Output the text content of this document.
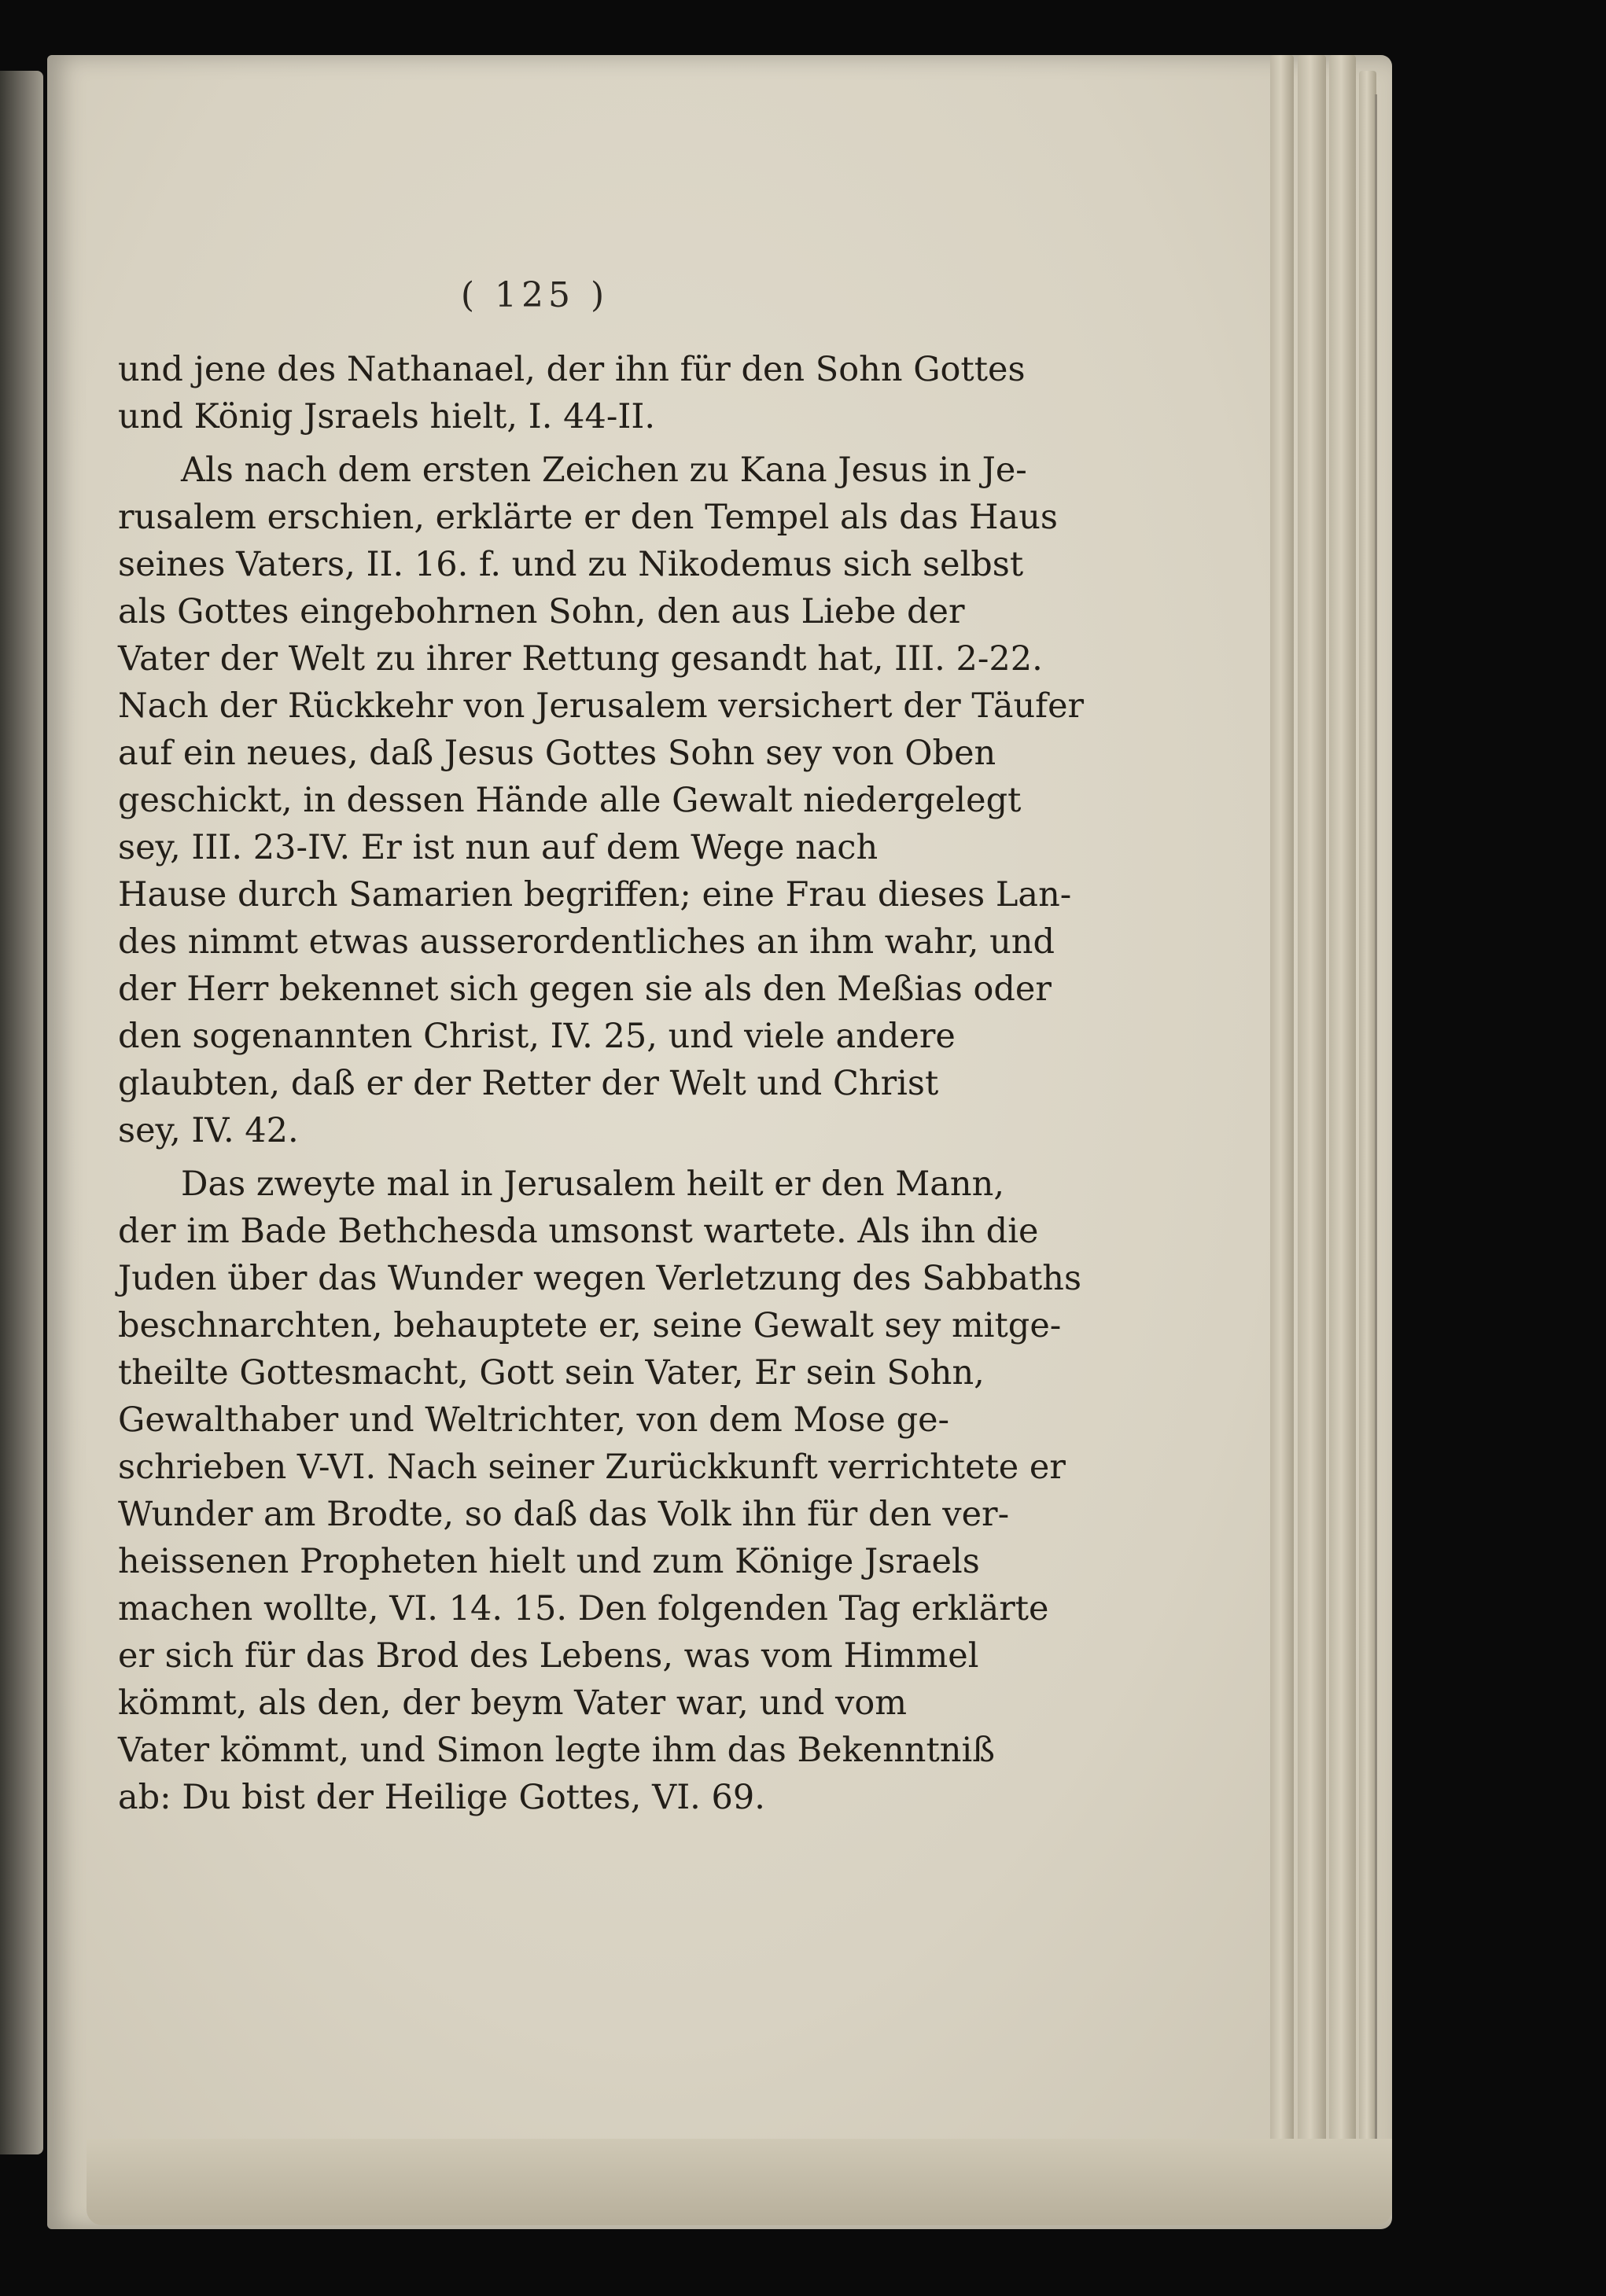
( 125 )
und jene des Nathanael, der ihn für den Sohn Gottes
und König Jsraels hielt, I. 44-II.
Als nach dem ersten Zeichen zu Kana Jesus in Je-
rusalem erschien, erklärte er den Tempel als das Haus
seines Vaters, II. 16. f. und zu Nikodemus sich selbst
als Gottes eingebohrnen Sohn, den aus Liebe der
Vater der Welt zu ihrer Rettung gesandt hat, III. 2-22.
Nach der Rückkehr von Jerusalem versichert der Täufer
auf ein neues, daß Jesus Gottes Sohn sey von Oben
geschickt, in dessen Hände alle Gewalt niedergelegt
sey, III. 23-IV. Er ist nun auf dem Wege nach
Hause durch Samarien begriffen; eine Frau dieses Lan-
des nimmt etwas ausserordentliches an ihm wahr, und
der Herr bekennet sich gegen sie als den Meßias oder
den sogenannten Christ, IV. 25, und viele andere
glaubten, daß er der Retter der Welt und Christ
sey, IV. 42.
Das zweyte mal in Jerusalem heilt er den Mann,
der im Bade Bethchesda umsonst wartete. Als ihn die
Juden über das Wunder wegen Verletzung des Sabbaths
beschnarchten, behauptete er, seine Gewalt sey mitge-
theilte Gottesmacht, Gott sein Vater, Er sein Sohn,
Gewalthaber und Weltrichter, von dem Mose ge-
schrieben V-VI. Nach seiner Zurückkunft verrichtete er
Wunder am Brodte, so daß das Volk ihn für den ver-
heissenen Propheten hielt und zum Könige Jsraels
machen wollte, VI. 14. 15. Den folgenden Tag erklärte
er sich für das Brod des Lebens, was vom Himmel
kömmt, als den, der beym Vater war, und vom
Vater kömmt, und Simon legte ihm das Bekenntniß
ab: Du bist der Heilige Gottes, VI. 69.
